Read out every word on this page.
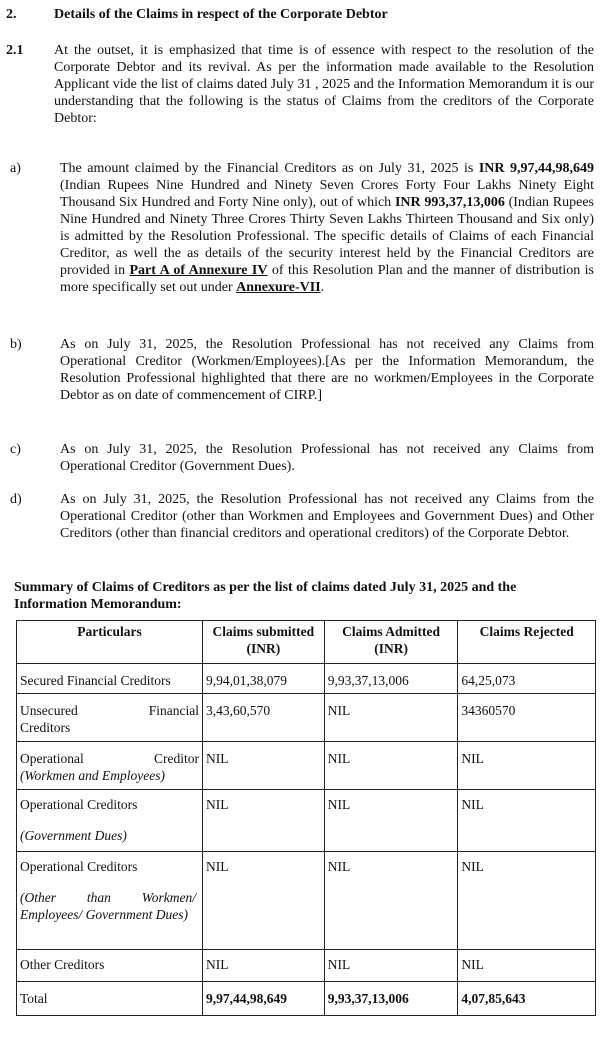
2.	Details of the Claims in respect of the Corporate Debtor
2.1 At the outset, it is emphasized that time is of essence with respect to the resolution of the Corporate Debtor and its revival. As per the information made available to the Resolution Applicant vide the list of claims dated July 31 , 2025 and the Information Memorandum it is our understanding that the following is the status of Claims from the creditors of the Corporate Debtor:
a)	The amount claimed by the Financial Creditors as on July 31, 2025 is INR 9,97,44,98,649 (Indian Rupees Nine Hundred and Ninety Seven Crores Forty Four Lakhs Ninety Eight Thousand Six Hundred and Forty Nine only), out of which INR 993,37,13,006 (Indian Rupees Nine Hundred and Ninety Three Crores Thirty Seven Lakhs Thirteen Thousand and Six only) is admitted by the Resolution Professional. The specific details of Claims of each Financial Creditor, as well the as details of the security interest held by the Financial Creditors are provided in Part A of Annexure IV of this Resolution Plan and the manner of distribution is more specifically set out under Annexure-VII.
b)	As on July 31, 2025, the Resolution Professional has not received any Claims from Operational Creditor (Workmen/Employees).[As per the Information Memorandum, the Resolution Professional highlighted that there are no workmen/Employees in the Corporate Debtor as on date of commencement of CIRP.]
c)	As on July 31, 2025, the Resolution Professional has not received any Claims from Operational Creditor (Government Dues).
d)	As on July 31, 2025, the Resolution Professional has not received any Claims from the Operational Creditor (other than Workmen and Employees and Government Dues) and Other Creditors (other than financial creditors and operational creditors) of the Corporate Debtor.
Summary of Claims of Creditors as per the list of claims dated July 31, 2025 and the Information Memorandum:
Particulars	Claims submitted (INR)	Claims Admitted (INR)	Claims Rejected
Secured Financial Creditors	9,94,01,38,079	9,93,37,13,006	64,25,073

Unsecured Financial
Creditors	3,43,60,570	NIL	34360570

Operational Creditor
(Workmen and Employees)	NIL	NIL	NIL

Operational Creditors
(Government Dues)	NIL	NIL	NIL

Operational Creditors
(Other than Workmen/ Employees/ Government Dues)	NIL	NIL	NIL
Other Creditors	NIL	NIL	NIL
Total	9,97,44,98,649	9,93,37,13,006	4,07,85,643
